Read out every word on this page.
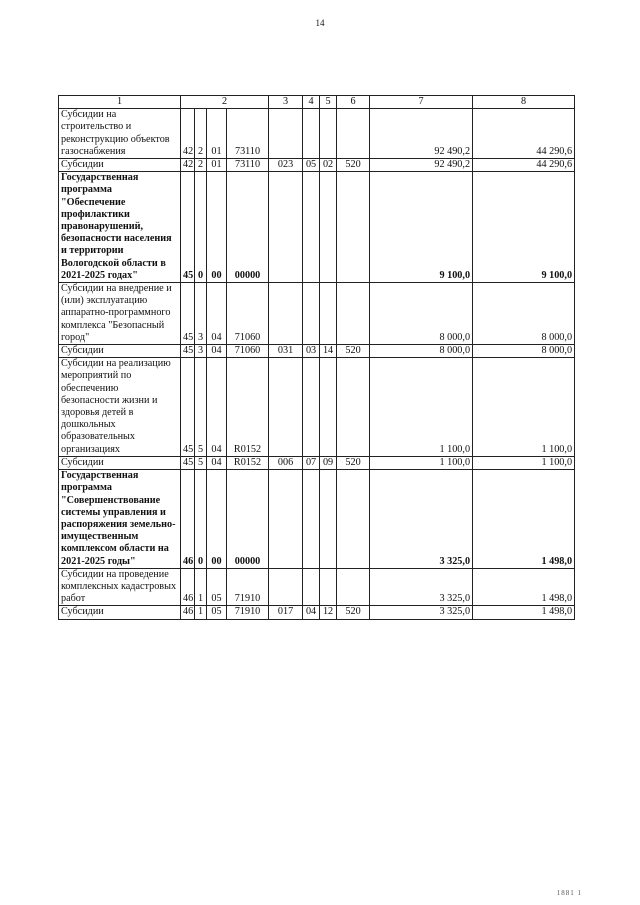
14
1	2				3	4	5	6	7	8
Субсидии на строительство и реконструкцию объектов газоснабжения	42	2	01	73110					92 490,2	44 290,6
Субсидии	42	2	01	73110	023	05	02	520	92 490,2	44 290,6
Государственная программа "Обеспечение профилактики правонарушений, безопасности населения и территории Вологодской области в 2021-2025 годах"	45	0	00	00000					9 100,0	9 100,0
Субсидии на внедрение и (или) эксплуатацию аппаратно-программного комплекса "Безопасный город"	45	3	04	71060					8 000,0	8 000,0
Субсидии	45	3	04	71060	031	03	14	520	8 000,0	8 000,0
Субсидии на реализацию мероприятий по обеспечению безопасности жизни и здоровья детей в дошкольных образовательных организациях	45	5	04	R0152					1 100,0	1 100,0
Субсидии	45	5	04	R0152	006	07	09	520	1 100,0	1 100,0
Государственная программа "Совершенствование системы управления и распоряжения земельно-имущественным комплексом области на 2021-2025 годы"	46	0	00	00000					3 325,0	1 498,0
Субсидии на проведение комплексных кадастровых работ	46	1	05	71910					3 325,0	1 498,0
Субсидии	46	1	05	71910	017	04	12	520	3 325,0	1 498,0
1881 1
